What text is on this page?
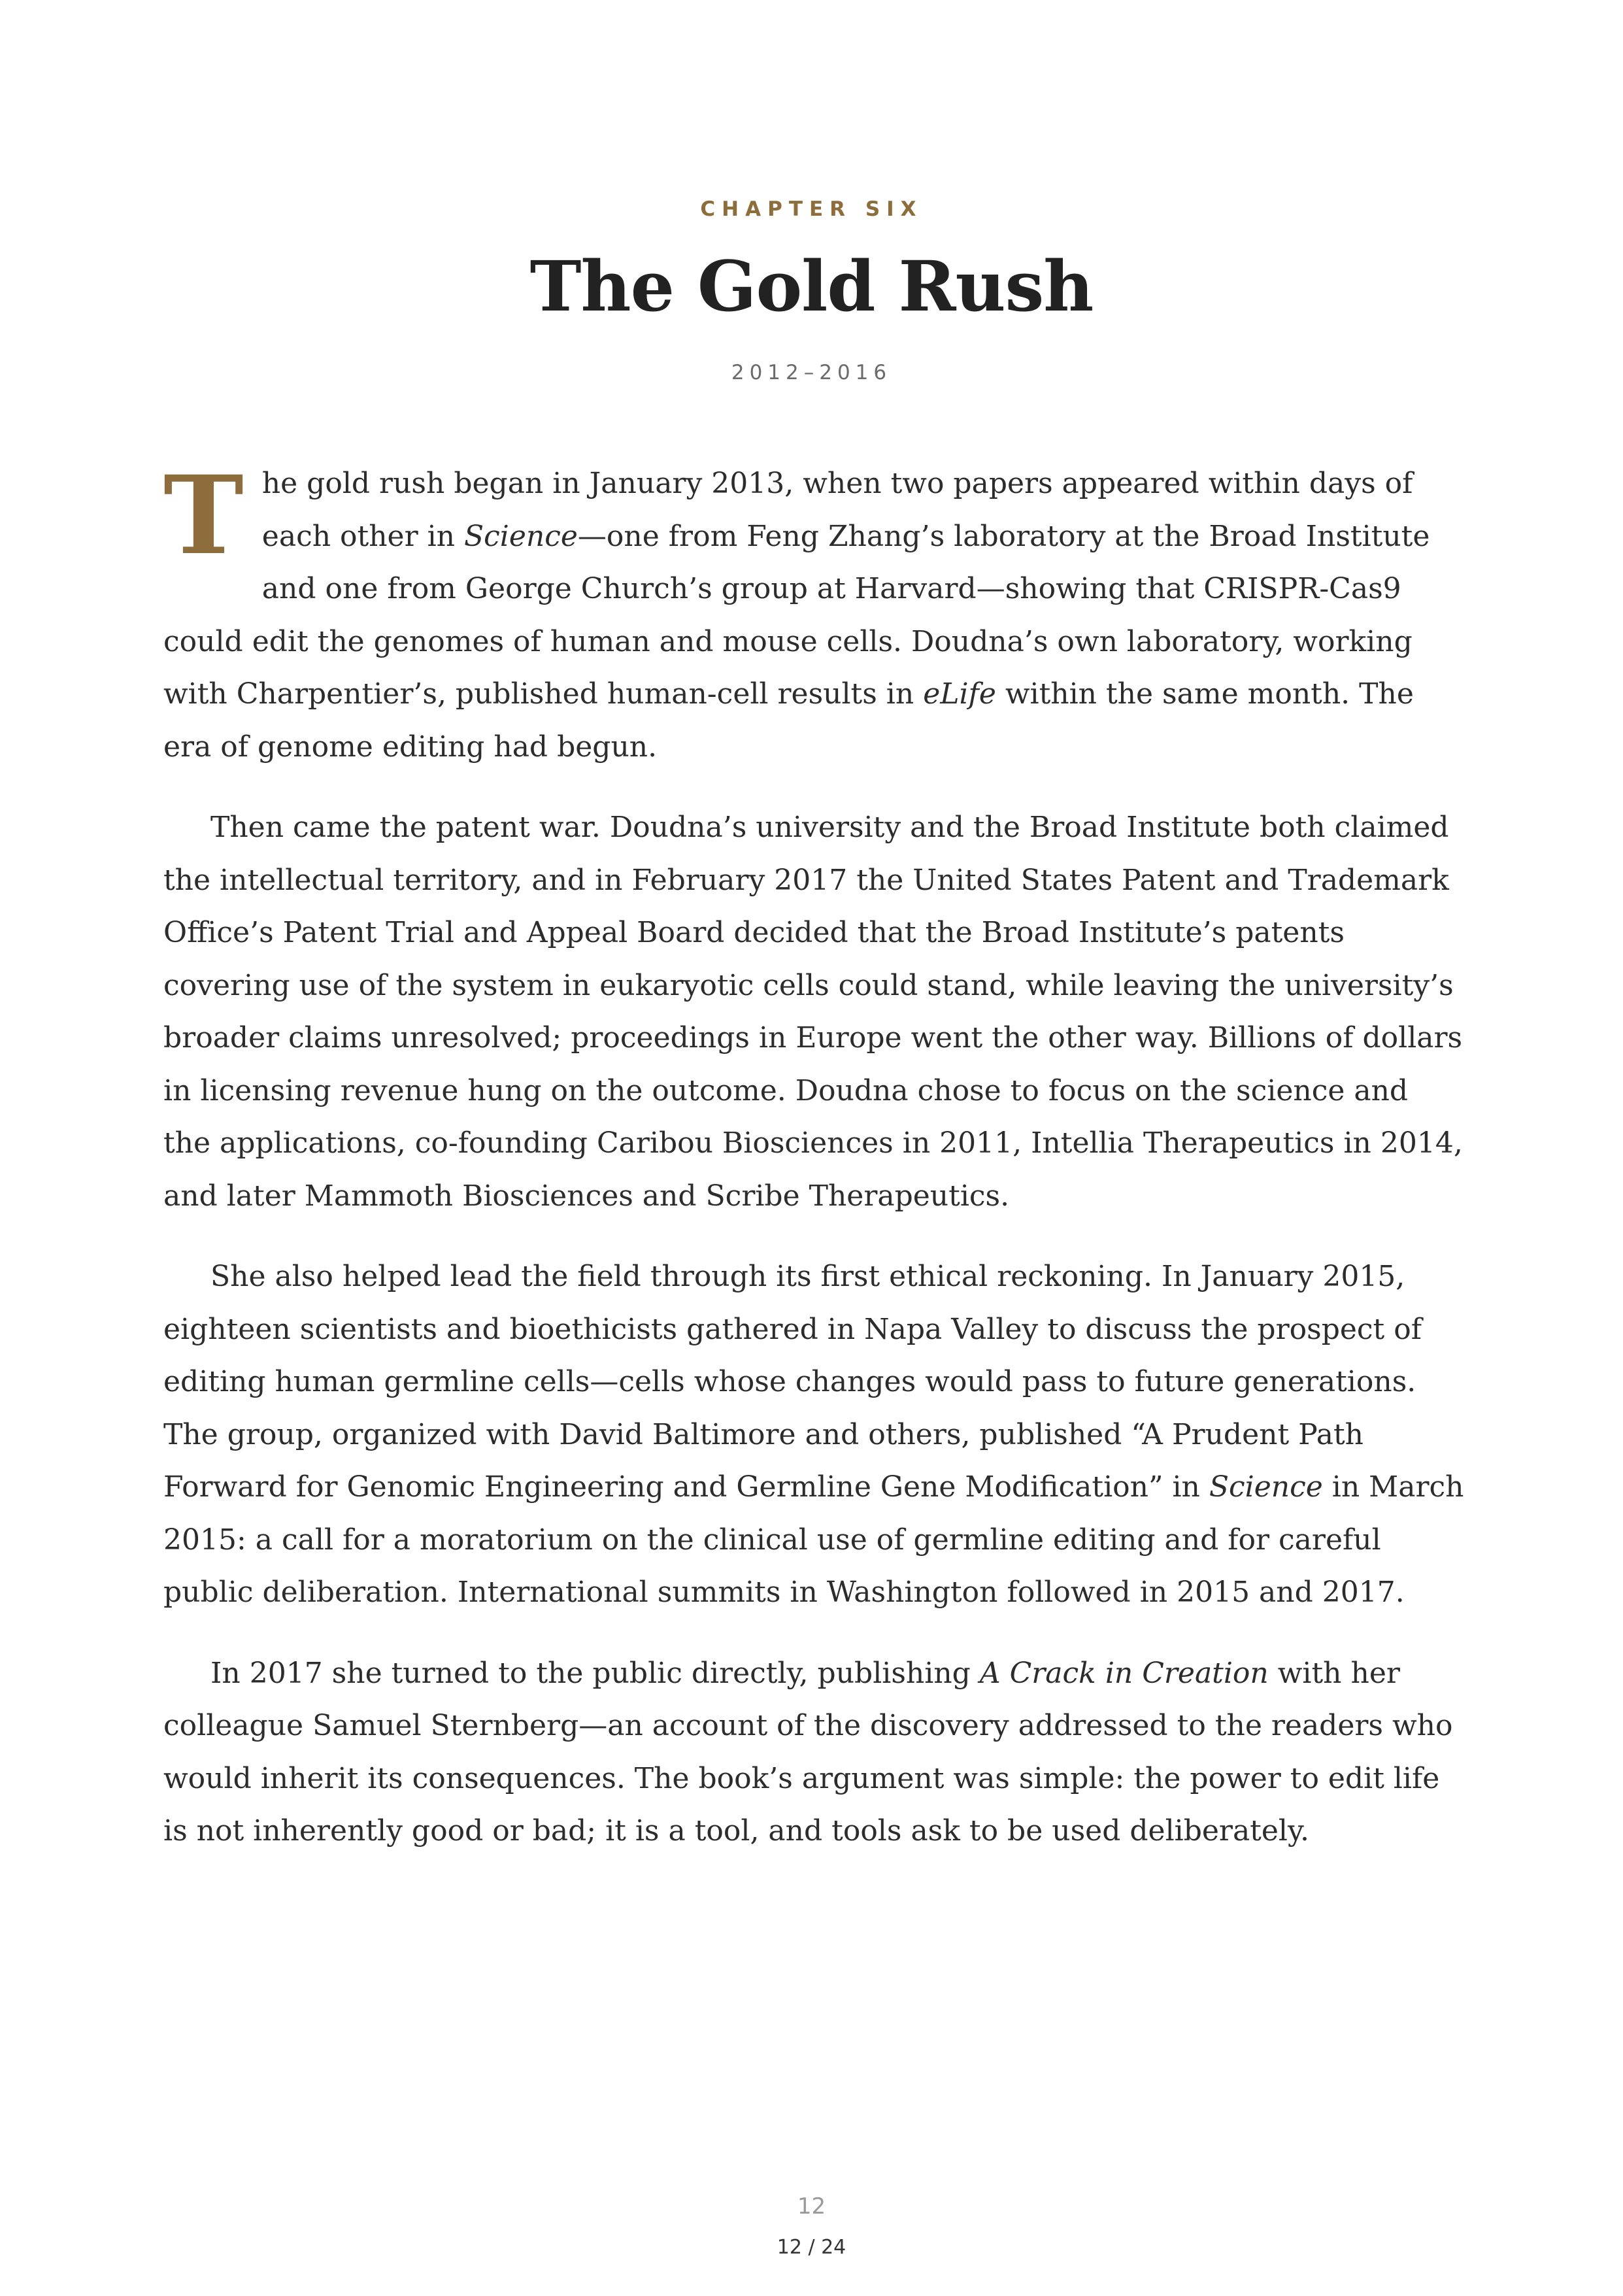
CHAPTER SIX
The Gold Rush
2012–2016

The gold rush began in January 2013, when two papers appeared within days of each other in Science—one from Feng Zhang’s laboratory at the Broad Institute and one from George Church’s group at Harvard—showing that CRISPR-Cas9 could edit the genomes of human and mouse cells. Doudna’s own laboratory, working with Charpentier’s, published human-cell results in eLife within the same month. The era of genome editing had begun.

Then came the patent war. Doudna’s university and the Broad Institute both claimed the intellectual territory, and in February 2017 the United States Patent and Trademark Office’s Patent Trial and Appeal Board decided that the Broad Institute’s patents covering use of the system in eukaryotic cells could stand, while leaving the university’s broader claims unresolved; proceedings in Europe went the other way. Billions of dollars in licensing revenue hung on the outcome. Doudna chose to focus on the science and the applications, co-founding Caribou Biosciences in 2011, Intellia Therapeutics in 2014, and later Mammoth Biosciences and Scribe Therapeutics.

She also helped lead the field through its first ethical reckoning. In January 2015, eighteen scientists and bioethicists gathered in Napa Valley to discuss the prospect of editing human germline cells—cells whose changes would pass to future generations. The group, organized with David Baltimore and others, published “A Prudent Path Forward for Genomic Engineering and Germline Gene Modification” in Science in March 2015: a call for a moratorium on the clinical use of germline editing and for careful public deliberation. International summits in Washington followed in 2015 and 2017.

In 2017 she turned to the public directly, publishing A Crack in Creation with her colleague Samuel Sternberg—an account of the discovery addressed to the readers who would inherit its consequences. The book’s argument was simple: the power to edit life is not inherently good or bad; it is a tool, and tools ask to be used deliberately.

12
12 / 24
